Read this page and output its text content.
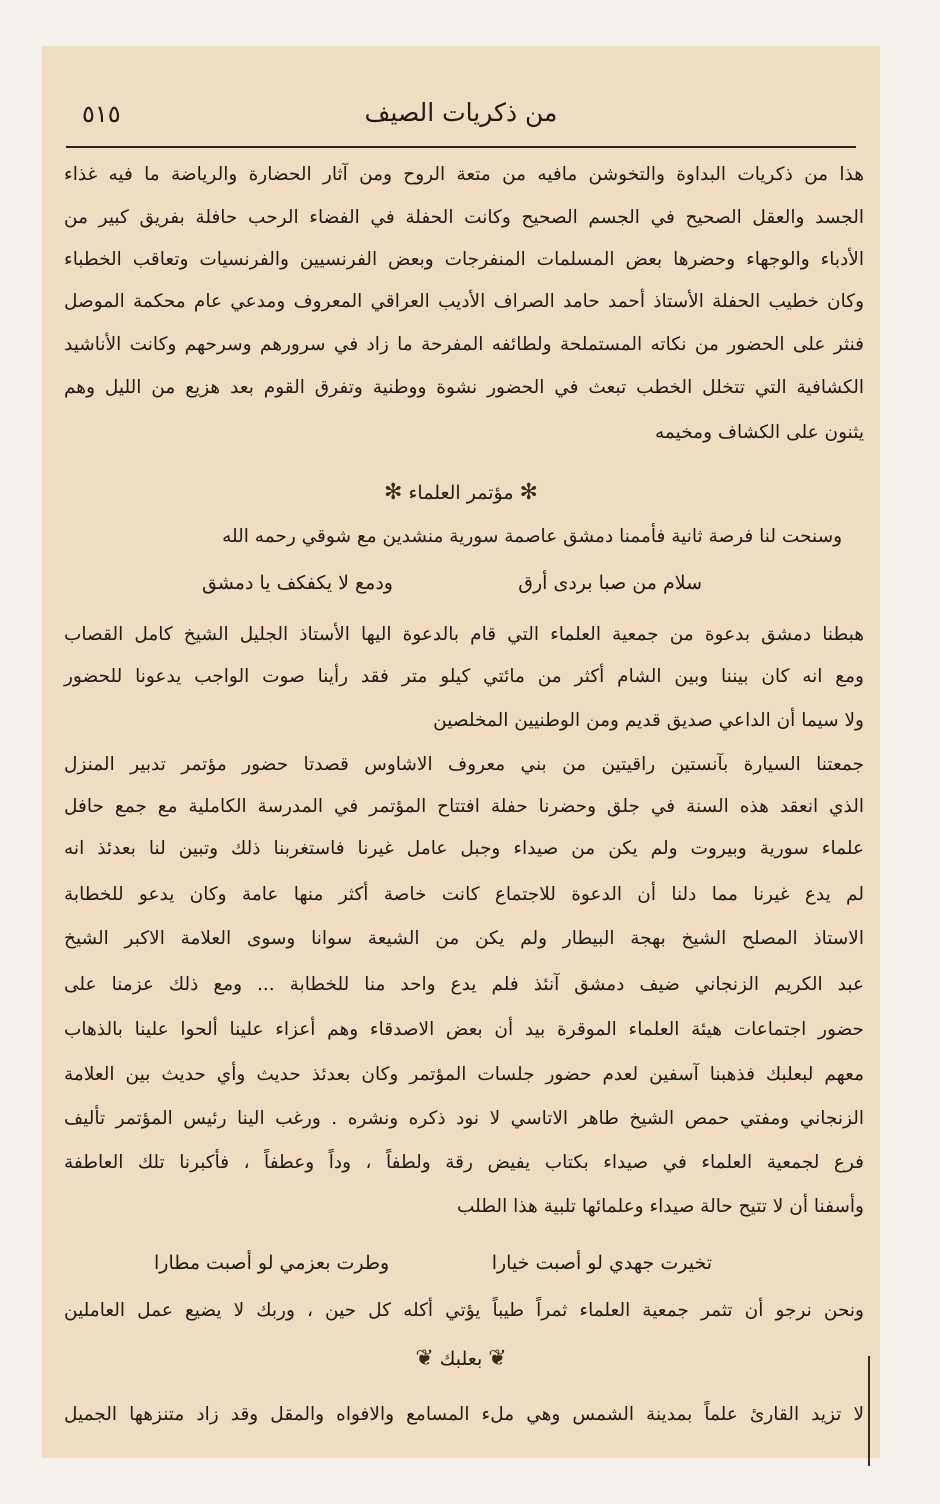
من ذكريات الصيف
٥١٥
هذا من ذكريات البداوة والتخوشن مافيه من متعة الروح ومن آثار الحضارة والرياضة ما فيه غذاء
الجسد والعقل الصحيح في الجسم الصحيح وكانت الحفلة في الفضاء الرحب حافلة بفريق كبير من
الأدباء والوجهاء وحضرها بعض المسلمات المنفرجات وبعض الفرنسيين والفرنسيات وتعاقب الخطباء
وكان خطيب الحفلة الأستاذ أحمد حامد الصراف الأديب العراقي المعروف ومدعي عام محكمة الموصل
فنثر على الحضور من نكاته المستملحة ولطائفه المفرحة ما زاد في سرورهم وسرحهم وكانت الأناشيد
الكشافية التي تتخلل الخطب تبعث في الحضور نشوة ووطنية وتفرق القوم بعد هزيع من الليل وهم
يثنون على الكشاف ومخيمه
✻مؤتمر العلماء✻
وسنحت لنا فرصة ثانية فأممنا دمشق عاصمة سورية منشدين مع شوقي رحمه الله
سلام من صبا بردى أرق
ودمع لا يكفكف يا دمشق
هبطنا دمشق بدعوة من جمعية العلماء التي قام بالدعوة اليها الأستاذ الجليل الشيخ كامل القصاب
ومع انه كان بيننا وبين الشام أكثر من مائتي كيلو متر فقد رأينا صوت الواجب يدعونا للحضور
ولا سيما أن الداعي صديق قديم ومن الوطنيين المخلصين
جمعتنا السيارة بآنستين راقيتين من بني معروف الاشاوس قصدتا حضور مؤتمر تدبير المنزل
الذي انعقد هذه السنة في جلق وحضرنا حفلة افتتاح المؤتمر في المدرسة الكاملية مع جمع حافل
علماء سورية وبيروت ولم يكن من صيداء وجبل عامل غيرنا فاستغربنا ذلك وتبين لنا بعدئذ انه
لم يدع غيرنا مما دلنا أن الدعوة للاجتماع كانت خاصة أكثر منها عامة وكان يدعو للخطابة
الاستاذ المصلح الشيخ بهجة البيطار ولم يكن من الشيعة سوانا وسوى العلامة الاكبر الشيخ
عبد الكريم الزنجاني ضيف دمشق آنئذ فلم يدع واحد منا للخطابة ... ومع ذلك عزمنا على
حضور اجتماعات هيئة العلماء الموقرة بيد أن بعض الاصدقاء وهم أعزاء علينا ألحوا علينا بالذهاب
معهم لبعلبك فذهبنا آسفين لعدم حضور جلسات المؤتمر وكان بعدئذ حديث وأي حديث بين العلامة
الزنجاني ومفتي حمص الشيخ طاهر الاتاسي لا نود ذكره ونشره . ورغب الينا رئيس المؤتمر تأليف
فرع لجمعية العلماء في صيداء بكتاب يفيض رقة ولطفاً ، وداً وعطفاً ، فأكبرنا تلك العاطفة
وأسفنا أن لا تتيح حالة صيداء وعلمائها تلبية هذا الطلب
تخيرت جهدي لو أصبت خيارا
وطرت بعزمي لو أصبت مطارا
ونحن نرجو أن تثمر جمعية العلماء ثمراً طيباً يؤتي أكله كل حين ، وربك لا يضيع عمل العاملين
❦بعلبك❦
لا تزيد القارئ علماً بمدينة الشمس وهي ملء المسامع والافواه والمقل وقد زاد متنزهها الجميل
